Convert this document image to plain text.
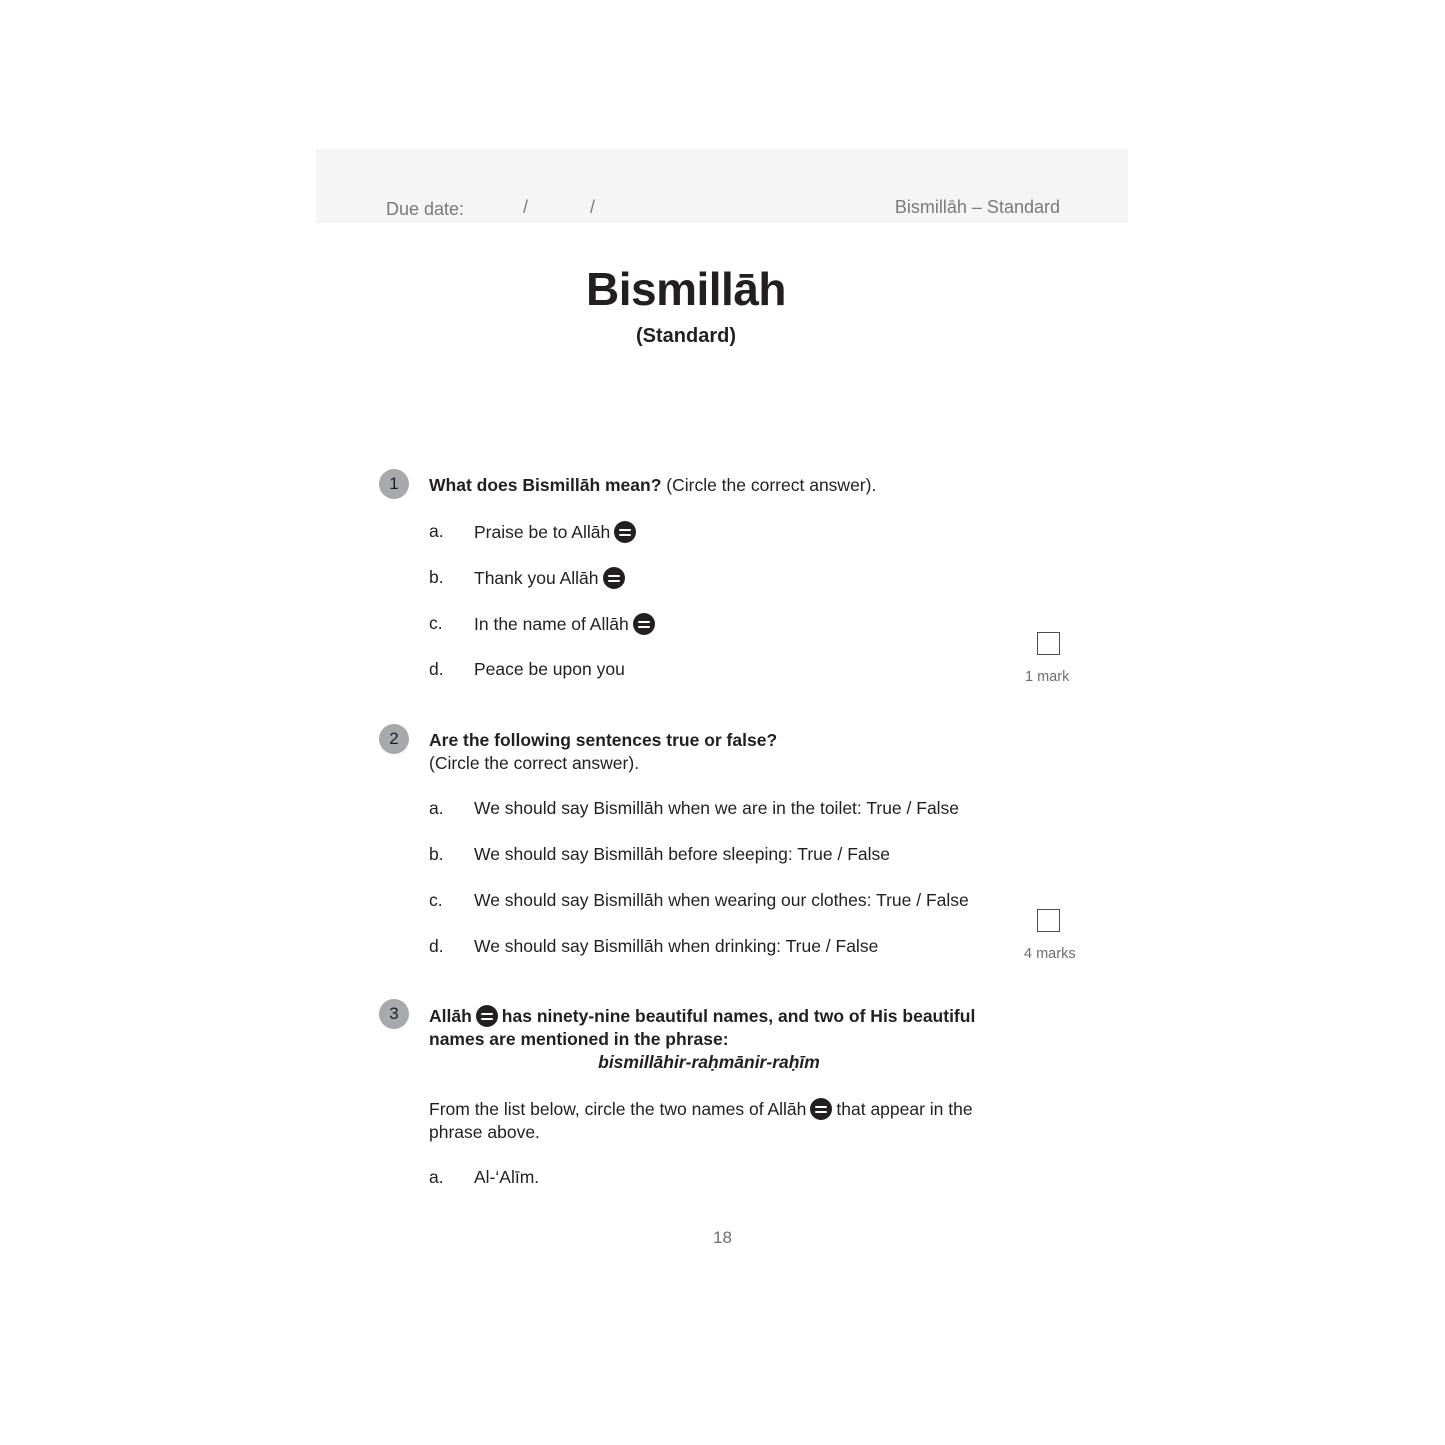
Due date:	/	/	Bismillāh – Standard
Bismillāh
(Standard)
1	What does Bismillāh mean? (Circle the correct answer).
a. Praise be to Allāh
b. Thank you Allāh
c. In the name of Allāh
d. Peace be upon you	1 mark
2	Are the following sentences true or false?
(Circle the correct answer).
a. We should say Bismillāh when we are in the toilet: True / False
b. We should say Bismillāh before sleeping: True / False
c. We should say Bismillāh when wearing our clothes: True / False
d. We should say Bismillāh when drinking: True / False	4 marks
3	Allāh has ninety-nine beautiful names, and two of His beautiful
names are mentioned in the phrase:
bismillāhir-raḥmānir-raḥīm
From the list below, circle the two names of Allāh that appear in the
phrase above.
a. Al-‘Alīm.
18
